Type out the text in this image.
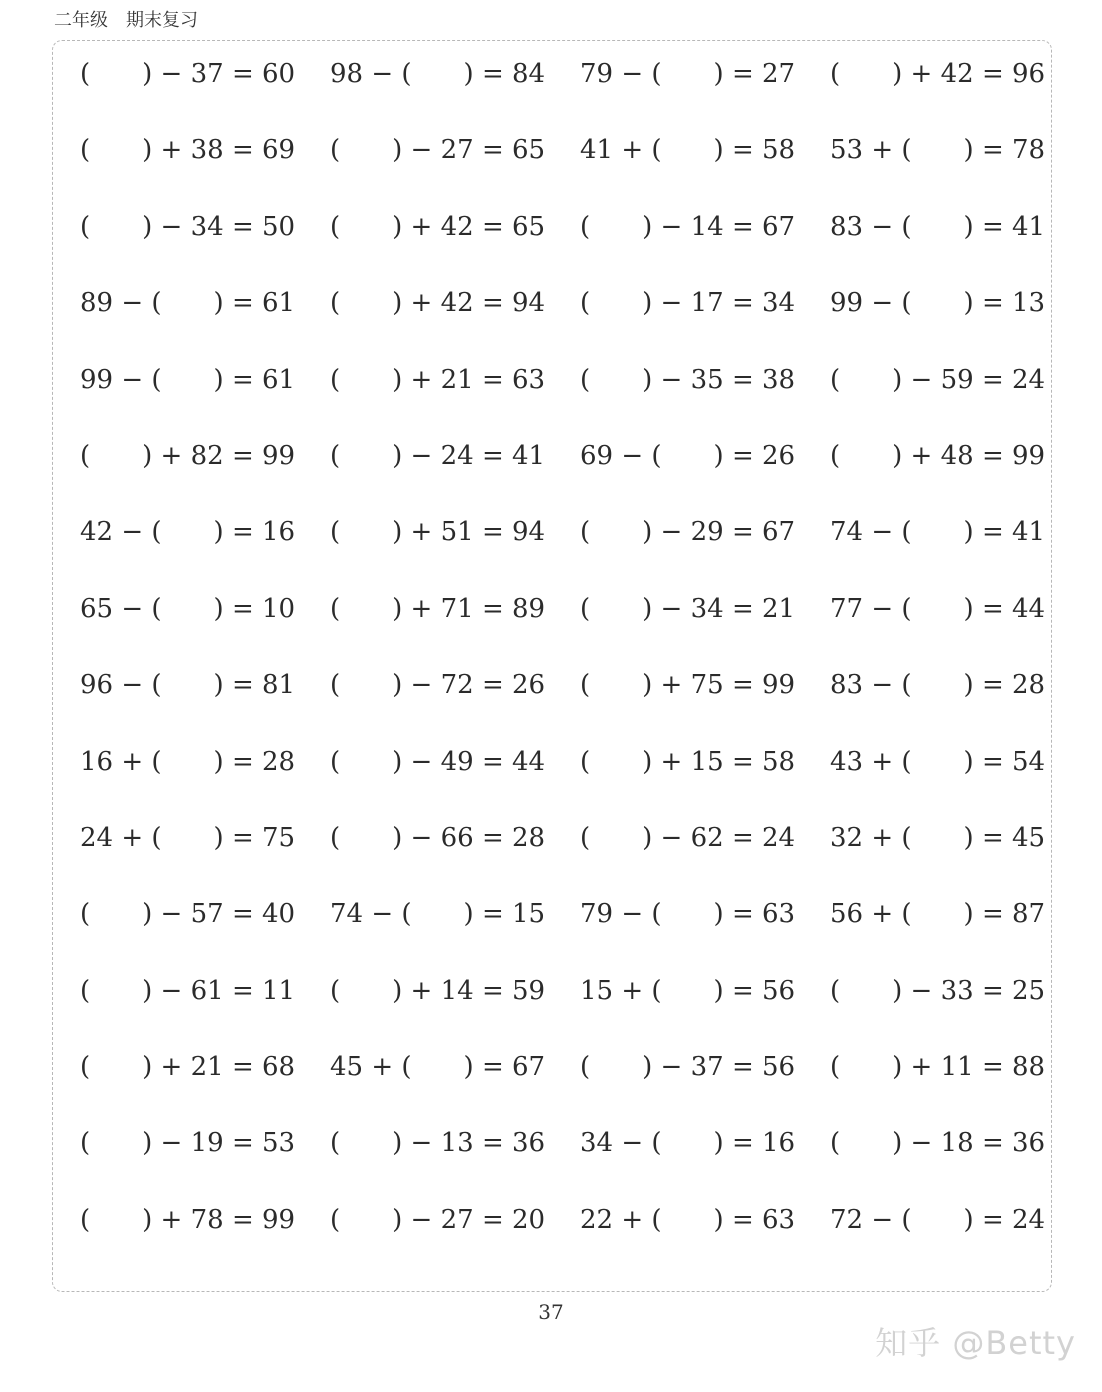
二年级　期末复习
(　　) − 37 = 60 98 − (　　) = 84 79 − (　　) = 27 (　　) + 42 = 96
(　　) + 38 = 69 (　　) − 27 = 65 41 + (　　) = 58 53 + (　　) = 78
(　　) − 34 = 50 (　　) + 42 = 65 (　　) − 14 = 67 83 − (　　) = 41
89 − (　　) = 61 (　　) + 42 = 94 (　　) − 17 = 34 99 − (　　) = 13
99 − (　　) = 61 (　　) + 21 = 63 (　　) − 35 = 38 (　　) − 59 = 24
(　　) + 82 = 99 (　　) − 24 = 41 69 − (　　) = 26 (　　) + 48 = 99
42 − (　　) = 16 (　　) + 51 = 94 (　　) − 29 = 67 74 − (　　) = 41
65 − (　　) = 10 (　　) + 71 = 89 (　　) − 34 = 21 77 − (　　) = 44
96 − (　　) = 81 (　　) − 72 = 26 (　　) + 75 = 99 83 − (　　) = 28
16 + (　　) = 28 (　　) − 49 = 44 (　　) + 15 = 58 43 + (　　) = 54
24 + (　　) = 75 (　　) − 66 = 28 (　　) − 62 = 24 32 + (　　) = 45
(　　) − 57 = 40 74 − (　　) = 15 79 − (　　) = 63 56 + (　　) = 87
(　　) − 61 = 11 (　　) + 14 = 59 15 + (　　) = 56 (　　) − 33 = 25
(　　) + 21 = 68 45 + (　　) = 67 (　　) − 37 = 56 (　　) + 11 = 88
(　　) − 19 = 53 (　　) − 13 = 36 34 − (　　) = 16 (　　) − 18 = 36
(　　) + 78 = 99 (　　) − 27 = 20 22 + (　　) = 63 72 − (　　) = 24
37
知乎 @Betty
